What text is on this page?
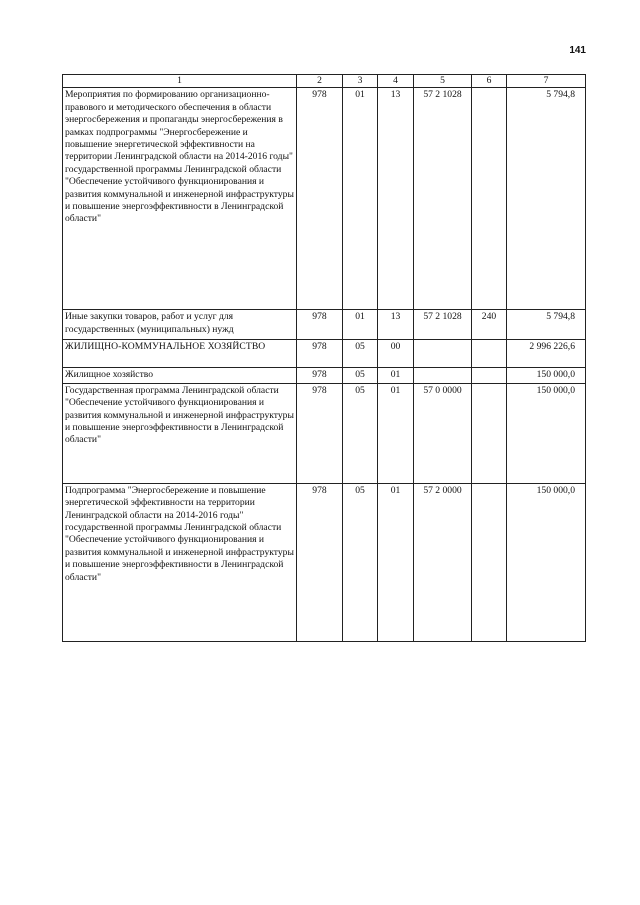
141
1	2	3	4	5	6	7
Мероприятия по формированию организационно-правового и методического обеспечения в области энергосбережения и пропаганды энергосбережения в рамках подпрограммы "Энергосбережение и повышение энергетической эффективности на территории Ленинградской области на 2014-2016 годы" государственной программы Ленинградской области "Обеспечение устойчивого функционирования и развития коммунальной и инженерной инфраструктуры и повышение энергоэффективности в Ленинградской области"	978	01	13	57 2 1028		5 794,8
Иные закупки товаров, работ и услуг для государственных (муниципальных) нужд	978	01	13	57 2 1028	240	5 794,8
ЖИЛИЩНО-КОММУНАЛЬНОЕ ХОЗЯЙСТВО	978	05	00			2 996 226,6
Жилищное хозяйство	978	05	01			150 000,0
Государственная программа Ленинградской области "Обеспечение устойчивого функционирования и развития коммунальной и инженерной инфраструктуры и повышение энергоэффективности в Ленинградской области"	978	05	01	57 0 0000		150 000,0
Подпрограмма "Энергосбережение и повышение энергетической эффективности на территории Ленинградской области на 2014-2016 годы" государственной программы Ленинградской области "Обеспечение устойчивого функционирования и развития коммунальной и инженерной инфраструктуры и повышение энергоэффективности в Ленинградской области"	978	05	01	57 2 0000		150 000,0
